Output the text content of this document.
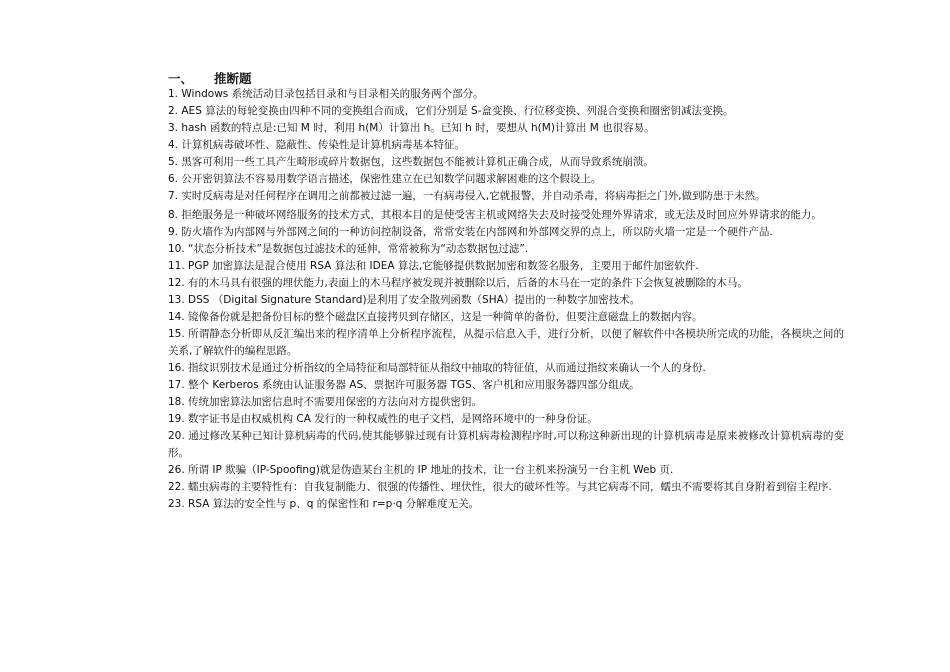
一、 推断题

1. Windows 系统活动目录包括目录和与目录相关的服务两个部分。

2. AES 算法的每轮变换由四种不同的变换组合而成，它们分别是 S-盒变换、行位移变换、列混合变换和圈密钥减法变换。

3. hash 函数的特点是:已知 M 时，利用 h(M）计算出 h。已知 h 时，要想从 h(M)计算出 M 也很容易。

4. 计算机病毒破坏性、隐蔽性、传染性是计算机病毒基本特征。

5. 黑客可利用一些工具产生畸形或碎片数据包，这些数据包不能被计算机正确合成，从而导致系统崩溃。

6. 公开密钥算法不容易用数学语言描述，保密性建立在已知数学问题求解困难的这个假设上。

7. 实时反病毒是对任何程序在调用之前都被过滤一遍，一有病毒侵入,它就报警，并自动杀毒，将病毒拒之门外,做到防患于未然。

8. 拒绝服务是一种破坏网络服务的技术方式，其根本目的是使受害主机或网络失去及时接受处理外界请求，或无法及时回应外界请求的能力。

9. 防火墙作为内部网与外部网之间的一种访问控制设备，常常安装在内部网和外部网交界的点上，所以防火墙一定是一个硬件产品.

10. “状态分析技术”是数据包过滤技术的延伸，常常被称为“动态数据包过滤”.

11. PGP 加密算法是混合使用 RSA 算法和 IDEA 算法,它能够提供数据加密和数签名服务，主要用于邮件加密软件.

12. 有的木马具有很强的埋伏能力,表面上的木马程序被发现并被删除以后，后备的木马在一定的条件下会恢复被删除的木马。

13. DSS （Digital Signature Standard)是利用了安全散列函数（SHA）提出的一种数字加密技术。

14. 镜像备份就是把备份目标的整个磁盘区直接拷贝到存储区，这是一种简单的备份，但要注意磁盘上的数据内容。

15. 所谓静态分析即从反汇编出来的程序清单上分析程序流程，从提示信息入手，进行分析，以便了解软件中各模块所完成的功能，各模块之间的关系,了解软件的编程思路。

16. 指纹识别技术是通过分析指纹的全局特征和局部特征从指纹中抽取的特征值，从而通过指纹来确认一个人的身份.

17. 整个 Kerberos 系统由认证服务器 AS、票据许可服务器 TGS、客户机和应用服务器四部分组成。

18. 传统加密算法加密信息时不需要用保密的方法向对方提供密钥。

19. 数字证书是由权威机构 CA 发行的一种权威性的电子文档，是网络环境中的一种身份证。

20. 通过修改某种已知计算机病毒的代码,使其能够躲过现有计算机病毒检测程序时,可以称这种新出现的计算机病毒是原来被修改计算机病毒的变形。

26. 所谓 IP 欺骗（IP-Spoofing)就是伪造某台主机的 IP 地址的技术，让一台主机来扮演另一台主机 Web 页.

22. 蠕虫病毒的主要特性有：自我复制能力、很强的传播性、埋伏性，很大的破坏性等。与其它病毒不同，蠕虫不需要将其自身附着到宿主程序.

23. RSA 算法的安全性与 p、q 的保密性和 r=p·q 分解难度无关。
